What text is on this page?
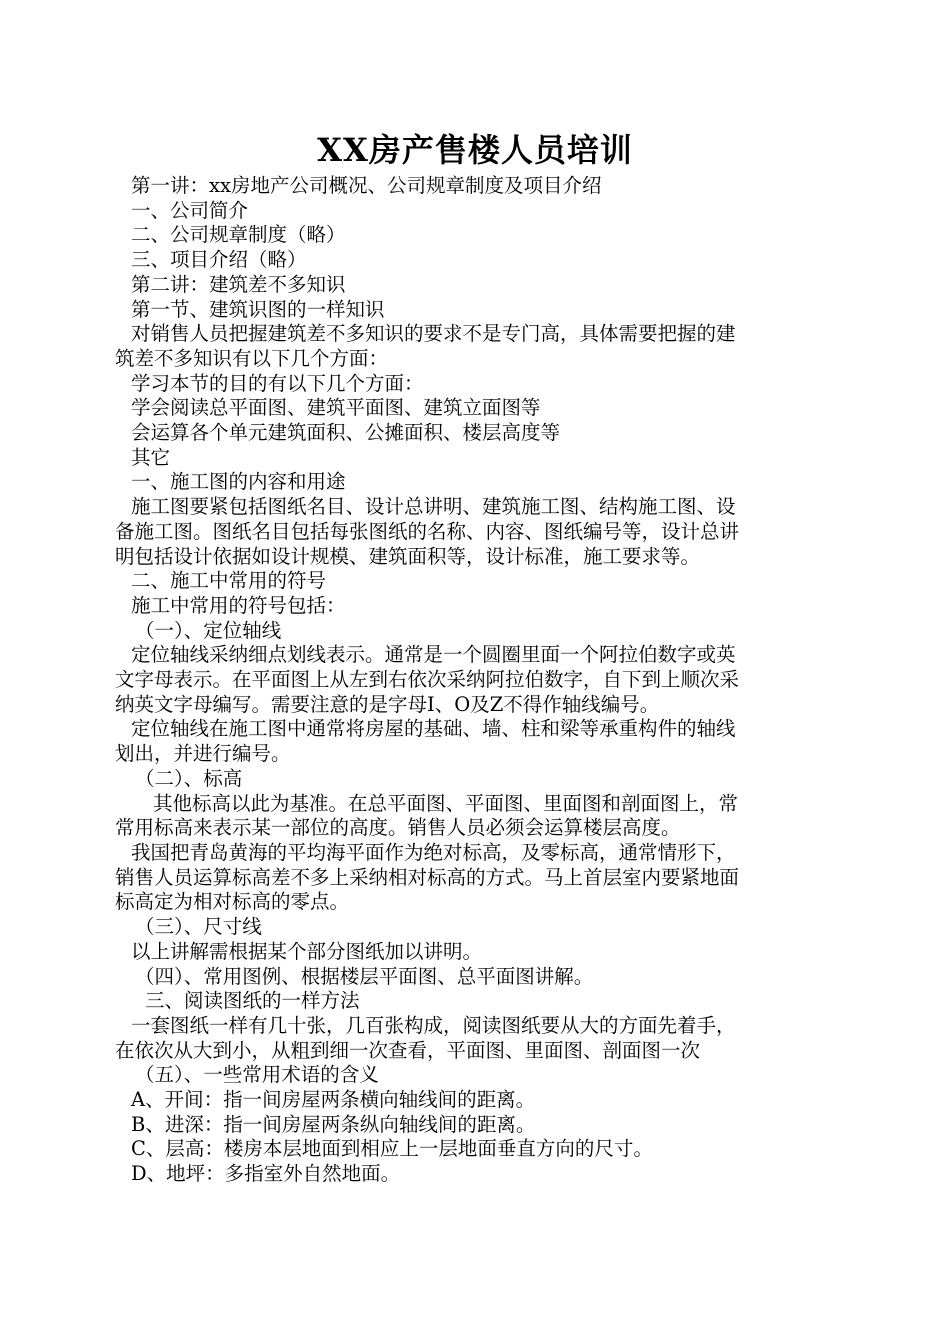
XX房产售楼人员培训

第一讲：xx房地产公司概况、公司规章制度及项目介绍

一、公司简介

二、公司规章制度（略）

三、项目介绍（略）

第二讲：建筑差不多知识

第一节、建筑识图的一样知识

对销售人员把握建筑差不多知识的要求不是专门高，具体需要把握的建

筑差不多知识有以下几个方面：

学习本节的目的有以下几个方面：

学会阅读总平面图、建筑平面图、建筑立面图等

会运算各个单元建筑面积、公摊面积、楼层高度等

其它

一、施工图的内容和用途

施工图要紧包括图纸名目、设计总讲明、建筑施工图、结构施工图、设

备施工图。图纸名目包括每张图纸的名称、内容、图纸编号等，设计总讲

明包括设计依据如设计规模、建筑面积等，设计标准，施工要求等。

二、施工中常用的符号

施工中常用的符号包括：

（一）、定位轴线

定位轴线采纳细点划线表示。通常是一个圆圈里面一个阿拉伯数字或英

文字母表示。在平面图上从左到右依次采纳阿拉伯数字，自下到上顺次采

纳英文字母编写。需要注意的是字母I、O及Z不得作轴线编号。

定位轴线在施工图中通常将房屋的基础、墙、柱和梁等承重构件的轴线

划出，并进行编号。

（二）、标高

其他标高以此为基准。在总平面图、平面图、里面图和剖面图上，常

常用标高来表示某一部位的高度。销售人员必须会运算楼层高度。

我国把青岛黄海的平均海平面作为绝对标高，及零标高，通常情形下，

销售人员运算标高差不多上采纳相对标高的方式。马上首层室内要紧地面

标高定为相对标高的零点。

（三）、尺寸线

以上讲解需根据某个部分图纸加以讲明。

（四）、常用图例、根据楼层平面图、总平面图讲解。

三、阅读图纸的一样方法

一套图纸一样有几十张，几百张构成，阅读图纸要从大的方面先着手，

在依次从大到小，从粗到细一次查看，平面图、里面图、剖面图一次

（五）、一些常用术语的含义

A、开间：指一间房屋两条横向轴线间的距离。

B、进深：指一间房屋两条纵向轴线间的距离。

C、层高：楼房本层地面到相应上一层地面垂直方向的尺寸。

D、地坪：多指室外自然地面。
